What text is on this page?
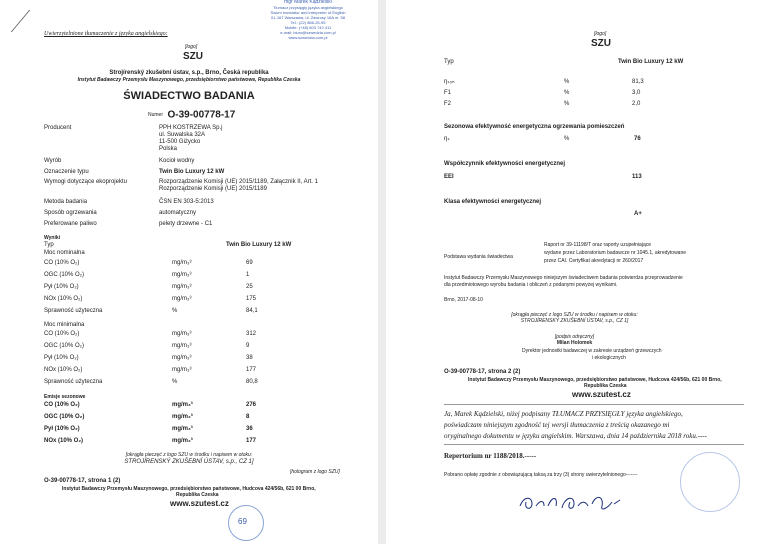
Uwierzytelnione tłumaczenie z języka angielskiego:
mgr Marek Kądzielski
Tłumacz przysięgły języka angielskiego
Sworn translator and interpreter of English
01-167 Warszawa, ul. Żawrosy 16A m. 58
Tel.: (22) 866-25-95
Mobile: (+48) 603 742 411
e-mail: biuro@szwedzia.com.pl
www.szwedzia.com.pl
[logo]
SZU
Strojírenský zkušební ústav, s.p., Brno, Česká republika
Instytut Badawczy Przemysłu Maszynowego, przedsiębiorstwo państwowe, Republika Czeska
ŚWIADECTWO BADANIA
Numer O-39-00778-17
Producent	PPH KOSTRZEWA Sp.j
ul. Suwalska 32A
11-500 Giżycko
Polska
Wyrób	Kocioł wodny
Oznaczenie typu	Twin Bio Luxury 12 kW
Wymogi dotyczące ekoprojektu	Rozporządzenie Komisji (UE) 2015/1189, Załącznik II, Art. 1
Rozporządzenie Komisji (UE) 2015/1189
Metoda badania	ČSN EN 303-5:2013
Sposób ogrzewania	automatyczny
Preferowane paliwo	pelety drzewne - C1
Wyniki
Typ	Twin Bio Luxury 12 kW
Moc nominalna
CO (10% O₂)	mg/m₃³	69
OGC (10% O₂)	mg/m₃³	1
Pył (10% O₂)	mg/m₃³	25
NOx (10% O₂)	mg/m₃³	175
Sprawność użyteczna	%	84,1
Moc minimalna
CO (10% O₂)	mg/m₃³	312
OGC (10% O₂)	mg/m₃³	9
Pył (10% O₂)	mg/m₃³	38
NOx (10% O₂)	mg/m₃³	177
Sprawność użyteczna	%	80,8
Emisje sezonowe
CO (10% O₂)	mg/m₃³	276
OGC (10% O₂)	mg/m₃³	8
Pył (10% O₂)	mg/m₃³	36
NOx (10% O₂)	mg/m₃³	177
[okrągła pieczęć z logo SZU w środku i napisem w otoku:
STROJÍRENSKÝ ZKUŠEBNÍ ÚSTAV, s.p., CZ 1]
[hologram z logo SZU]
O-39-00778-17, strona 1 (2)
Instytut Badawczy Przemysłu Maszynowego, przedsiębiorstwo państwowe, Hudcova 424/56b, 621 00 Brno,
Republika Czeska
www.szutest.cz
69
[logo]
SZU
Typ	Twin Bio Luxury 12 kW
ηₛ₀ₙ	%	81,3
F1	%	3,0
F2	%	2,0
Sezonowa efektywność energetyczna ogrzewania pomieszczeń
ηₛ	%	76
Współczynnik efektywności energetycznej
EEI	113
Klasa efektywności energetycznej
A+
Podstawa wydania świadectwa
Raport nr 39-11198/T oraz raporty uzupełniające
wydane przez Laboratorium badawcze nr 1045.1, akredytowane
przez CAI. Certyfikat akredytacji nr 260/2017
Instytut Badawczy Przemysłu Maszynowego niniejszym świadectwem badania potwierdza przeprowadzenie
dla przedmiotowego wyrobu badania i obliczeń z podanymi powyżej wynikami.
Brno, 2017-08-10
[okrągła pieczęć z logo SZU w środku i napisem w otoku:
STROJÍRENSKÝ ZKUŠEBNÍ ÚSTAV, s.p., CZ 1]
[podpis odręczny]
Milan Holomek
Dyrektor jednostki badawczej w zakresie urządzeń grzewczych
i ekologicznych
O-39-00778-17, strona 2 (2)
Instytut Badawczy Przemysłu Maszynowego, przedsiębiorstwo państwowe, Hudcova 424/56b, 621 00 Brno,
Republika Czeska
www.szutest.cz
Ja, Marek Kądzielski, niżej podpisany TŁUMACZ PRZYSIĘGŁY języka angielskiego,
poświadczam niniejszym zgodność tej wersji tłumaczenia z treścią okazanego mi
oryginalnego dokumentu w języku angielskim. Warszawa, dnia 14 października 2018 roku.----
Repertorium nr 1188/2018.-----
Pobrano opłatę zgodnie z obowiązującą taksą za trzy (3) strony uwierzytelnionego-------
